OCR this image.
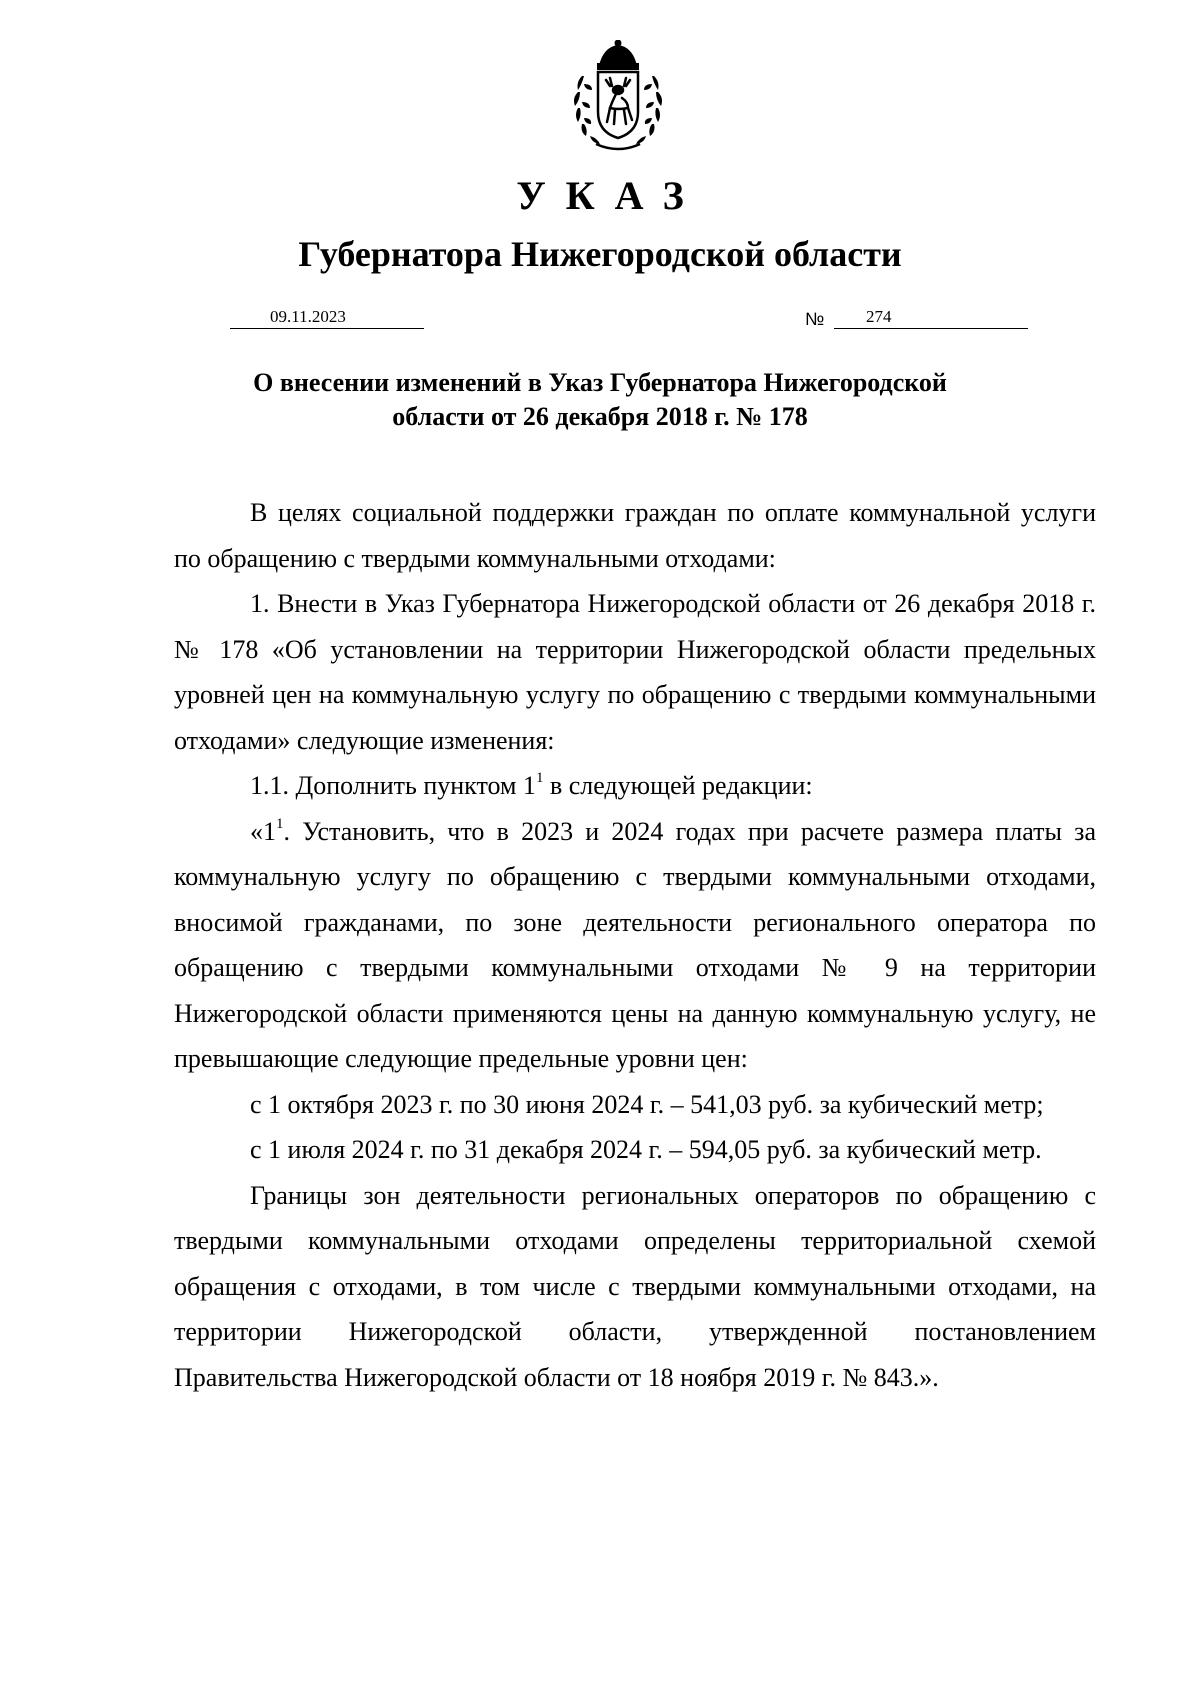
УКАЗ
Губернатора Нижегородской области
09.11.2023	№ 274
О внесении изменений в Указ Губернатора Нижегородской
области от 26 декабря 2018 г. № 178

В целях социальной поддержки граждан по оплате коммунальной услуги по обращению с твердыми коммунальными отходами:

1. Внести в Указ Губернатора Нижегородской области от 26 декабря 2018 г. № 178 «Об установлении на территории Нижегородской области предельных уровней цен на коммунальную услугу по обращению с твердыми коммунальными отходами» следующие изменения:

1.1. Дополнить пунктом $1^1$ в следующей редакции:

«$1^1$. Установить, что в 2023 и 2024 годах при расчете размера платы за коммунальную услугу по обращению с твердыми коммунальными отходами, вносимой гражданами, по зоне деятельности регионального оператора по обращению с твердыми коммунальными отходами № 9 на территории Нижегородской области применяются цены на данную коммунальную услугу, не превышающие следующие предельные уровни цен:

с 1 октября 2023 г. по 30 июня 2024 г. – 541,03 руб. за кубический метр;

с 1 июля 2024 г. по 31 декабря 2024 г. – 594,05 руб. за кубический метр.

Границы зон деятельности региональных операторов по обращению с твердыми коммунальными отходами определены территориальной схемой обращения с отходами, в том числе с твердыми коммунальными отходами, на территории Нижегородской области, утвержденной постановлением Правительства Нижегородской области от 18 ноября 2019 г. № 843.».
